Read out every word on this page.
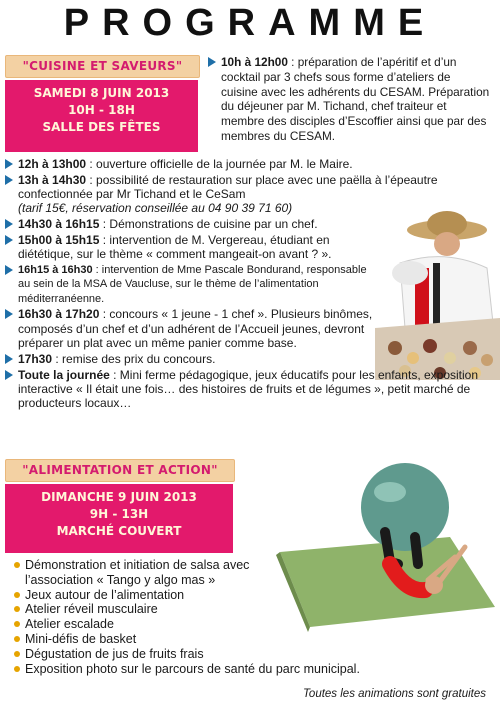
PROGRAMME
"CUISINE ET SAVEURS"
SAMEDI 8 JUIN 2013
10H - 18H
SALLE DES FÊTES
10h à 12h00 : préparation de l’apéritif et d’un cocktail par 3 chefs sous forme d’ateliers de cuisine avec les adhérents du CESAM. Préparation du déjeuner par M. Tichand, chef traiteur et membre des disciples d’Escoffier ainsi que par des membres du CESAM.
12h à 13h00 : ouverture officielle de la journée par M. le Maire.
13h à 14h30 : possibilité de restauration sur place avec une paëlla à l’épeautre confectionnée par Mr Tichand et le CeSam
(tarif 15€, réservation conseillée au 04 90 39 71 60)
14h30 à 16h15 : Démonstrations de cuisine par un chef.
15h00 à 15h15 : intervention de M. Vergereau, étudiant en diététique, sur le thème « comment mangeait-on avant ? ».
16h15 à 16h30 : intervention de Mme Pascale Bondurand, responsable au sein de la MSA de Vaucluse, sur le thème de l’alimentation méditerranéenne.
16h30 à 17h20 : concours « 1 jeune - 1 chef ». Plusieurs binômes, composés d’un chef et d’un adhérent de l’Accueil jeunes, devront préparer un plat avec un même panier comme base.
17h30 : remise des prix du concours.
Toute la journée : Mini ferme pédagogique, jeux éducatifs pour les enfants, exposition interactive « Il était une fois… des histoires de fruits et de légumes », petit marché de producteurs locaux…
"ALIMENTATION ET ACTION"
DIMANCHE 9 JUIN 2013
9H - 13H
MARCHÉ COUVERT
Démonstration et initiation de salsa avec l’association « Tango y algo mas »
Jeux autour de l’alimentation
Atelier réveil musculaire
Atelier escalade
Mini-défis de basket
Dégustation de jus de fruits frais
Exposition photo sur le parcours de santé du parc municipal.
Toutes les animations sont gratuites
